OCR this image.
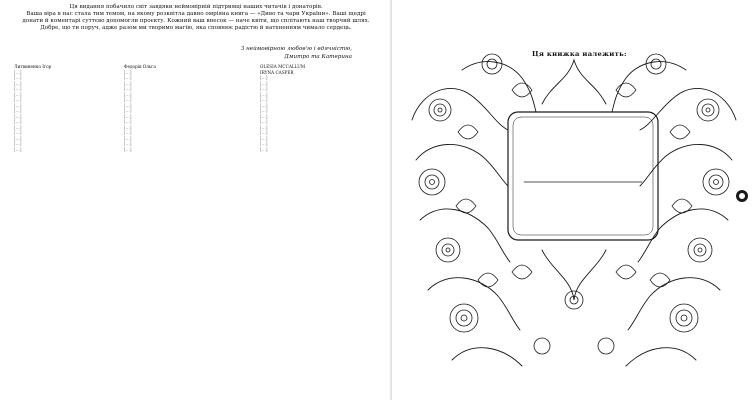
Ця видання побачило світ завдяки неймовірній підтримці наших читачів і донаторів.
Ваша віра в нас стала тим темом, на якому розквітла давно омріяна книга — «Диво та чари України». Ваші щедрі
донати й коментарі суттєво допомогли проєкту. Кожний ваш внесок — наче квіти, що сплітають наш творчий шлях.
Добре, що ти поруч, адже разом ми творимо магію, яка сповнює радістю й натхненням чимало сердець.
З неймовірною любов'ю і вдячністю,
Дмитро та Катерина
Литвиненко Ігор
[…]
[…]
[…]
[…]
[…]
[…]
[…]
[…]
[…]
[…]
[…]
[…]
[…]
[…]
[…]
Федорів Ольга
[…]
[…]
[…]
[…]
[…]
[…]
[…]
[…]
[…]
[…]
[…]
[…]
[…]
[…]
[…]
OLESIA MCCALLUM
IRYNA CASPER
[…]
[…]
[…]
[…]
[…]
[…]
[…]
[…]
[…]
[…]
[…]
[…]
[…]
[…]
Ця книжка належить:
